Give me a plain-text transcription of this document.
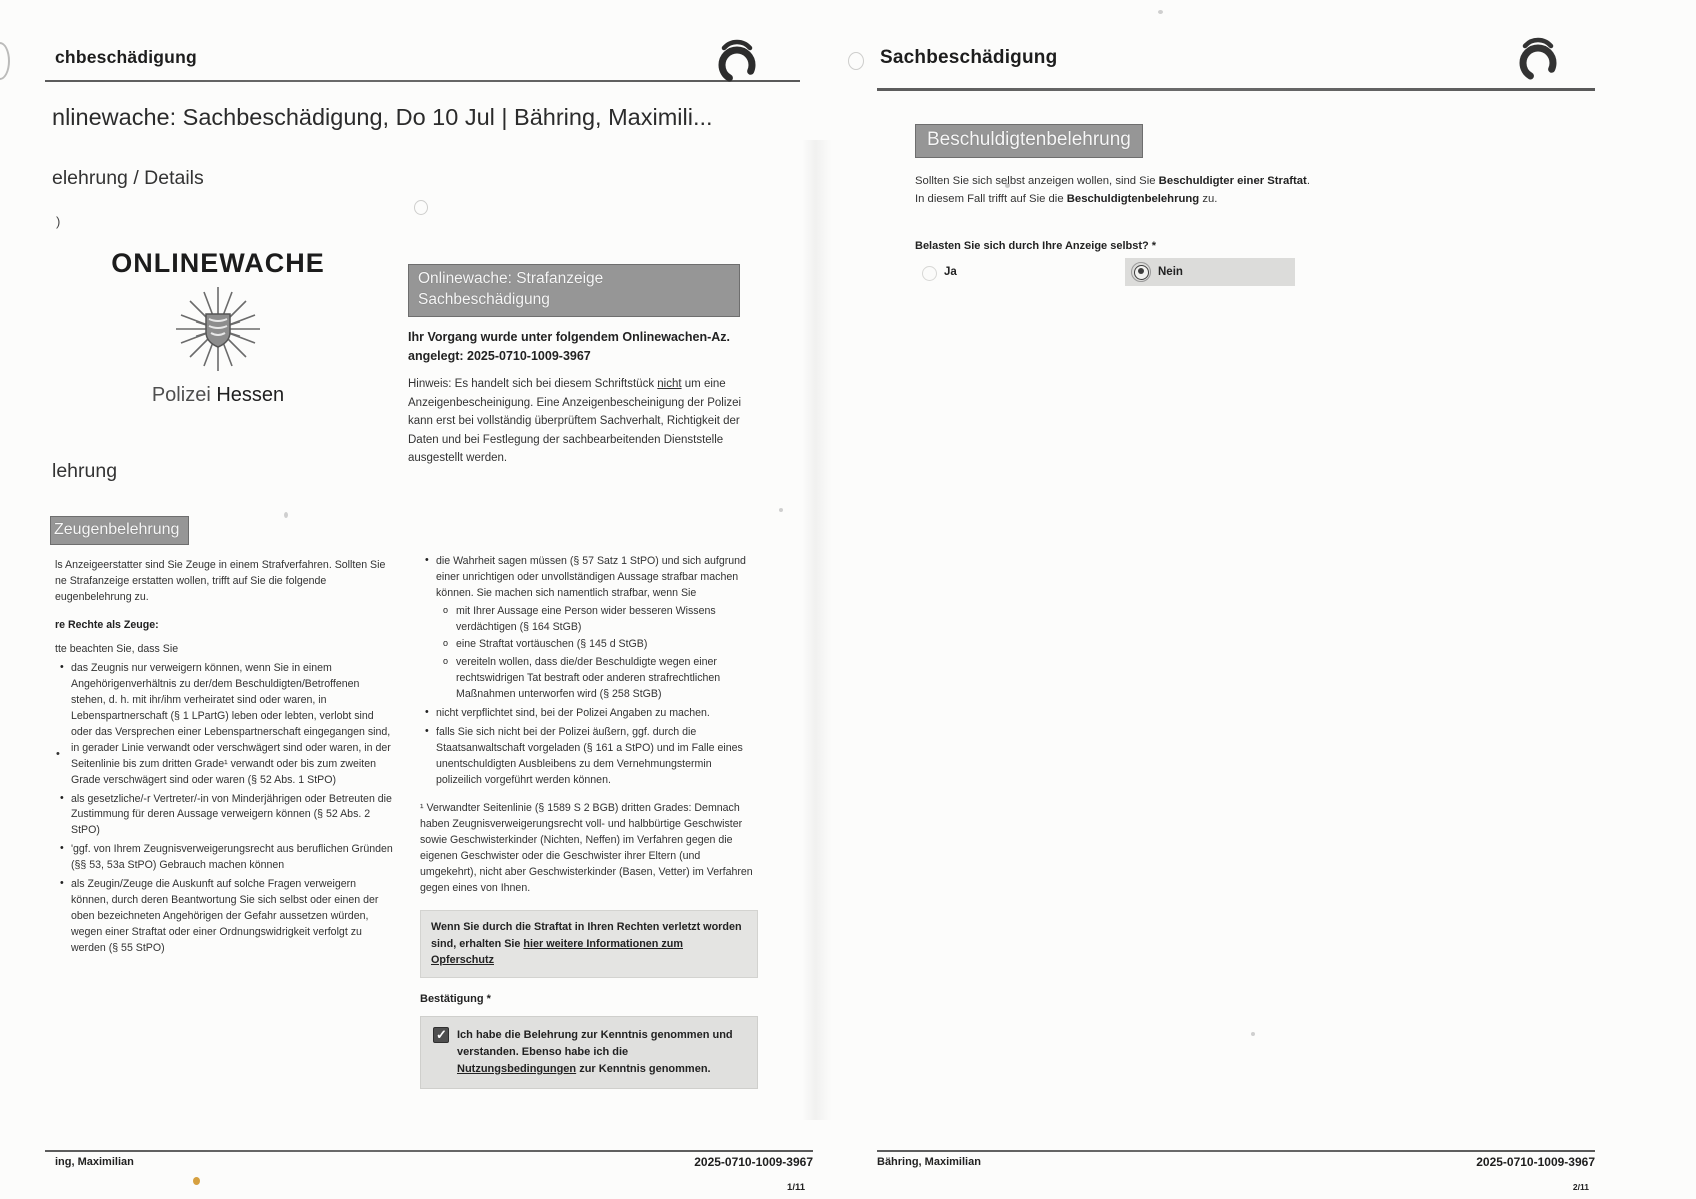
chbeschädigung
nlinewache: Sachbeschädigung, Do 10 Jul | Bähring, Maximili...
elehrung / Details
)
ONLINEWACHE
Polizei Hessen
Onlinewache: Strafanzeige Sachbeschädigung
Ihr Vorgang wurde unter folgendem Onlinewachen-Az. angelegt: 2025-0710-1009-3967
Hinweis: Es handelt sich bei diesem Schriftstück nicht um eine Anzeigenbescheinigung. Eine Anzeigenbescheinigung der Polizei kann erst bei vollständig überprüftem Sachverhalt, Richtigkeit der Daten und bei Festlegung der sachbearbeitenden Dienststelle ausgestellt werden.
lehrung
Zeugenbelehrung
ls Anzeigeerstatter sind Sie Zeuge in einem Strafverfahren. Sollten Sie
ne Strafanzeige erstatten wollen, trifft auf Sie die folgende
eugenbelehrung zu.
re Rechte als Zeuge:
tte beachten Sie, dass Sie
• das Zeugnis nur verweigern können, wenn Sie in einem Angehörigenverhältnis zu der/dem Beschuldigten/Betroffenen stehen, d. h. mit ihr/ihm verheiratet sind oder waren, in Lebenspartnerschaft (§ 1 LPartG) leben oder lebten, verlobt sind oder das Versprechen einer Lebenspartnerschaft eingegangen sind, in gerader Linie verwandt oder verschwägert sind oder waren, in der Seitenlinie bis zum dritten Grade¹ verwandt oder bis zum zweiten Grade verschwägert sind oder waren (§ 52 Abs. 1 StPO)
• als gesetzliche/-r Vertreter/-in von Minderjährigen oder Betreuten die Zustimmung für deren Aussage verweigern können (§ 52 Abs. 2 StPO)
• 'ggf. von Ihrem Zeugnisverweigerungsrecht aus beruflichen Gründen (§§ 53, 53a StPO) Gebrauch machen können
• als Zeugin/Zeuge die Auskunft auf solche Fragen verweigern können, durch deren Beantwortung Sie sich selbst oder einen der oben bezeichneten Angehörigen der Gefahr aussetzen würden, wegen einer Straftat oder einer Ordnungswidrigkeit verfolgt zu werden (§ 55 StPO)
•
• die Wahrheit sagen müssen (§ 57 Satz 1 StPO) und sich aufgrund einer unrichtigen oder unvollständigen Aussage strafbar machen können. Sie machen sich namentlich strafbar, wenn Sie
o mit Ihrer Aussage eine Person wider besseren Wissens verdächtigen (§ 164 StGB)
o eine Straftat vortäuschen (§ 145 d StGB)
o vereiteln wollen, dass die/der Beschuldigte wegen einer rechtswidrigen Tat bestraft oder anderen strafrechtlichen Maßnahmen unterworfen wird (§ 258 StGB)
• nicht verpflichtet sind, bei der Polizei Angaben zu machen.
• falls Sie sich nicht bei der Polizei äußern, ggf. durch die Staatsanwaltschaft vorgeladen (§ 161 a StPO) und im Falle eines unentschuldigten Ausbleibens zu dem Vernehmungstermin polizeilich vorgeführt werden können.
¹ Verwandter Seitenlinie (§ 1589 S 2 BGB) dritten Grades: Demnach haben Zeugnisverweigerungsrecht voll- und halbbürtige Geschwister sowie Geschwisterkinder (Nichten, Neffen) im Verfahren gegen die eigenen Geschwister oder die Geschwister ihrer Eltern (und umgekehrt), nicht aber Geschwisterkinder (Basen, Vetter) im Verfahren gegen eines von Ihnen.
Wenn Sie durch die Straftat in Ihren Rechten verletzt worden sind, erhalten Sie hier weitere Informationen zum Opferschutz
Bestätigung *
✓
Ich habe die Belehrung zur Kenntnis genommen und verstanden. Ebenso habe ich die Nutzungsbedingungen zur Kenntnis genommen.
ing, Maximilian	2025-0710-1009-3967
1/11
Sachbeschädigung
Beschuldigtenbelehrung
Sollten Sie sich selbst anzeigen wollen, sind Sie Beschuldigter einer Straftat. In diesem Fall trifft auf Sie die Beschuldigtenbelehrung zu.
Belasten Sie sich durch Ihre Anzeige selbst? *
Ja	Nein
Bähring, Maximilian	2025-0710-1009-3967
2/11
